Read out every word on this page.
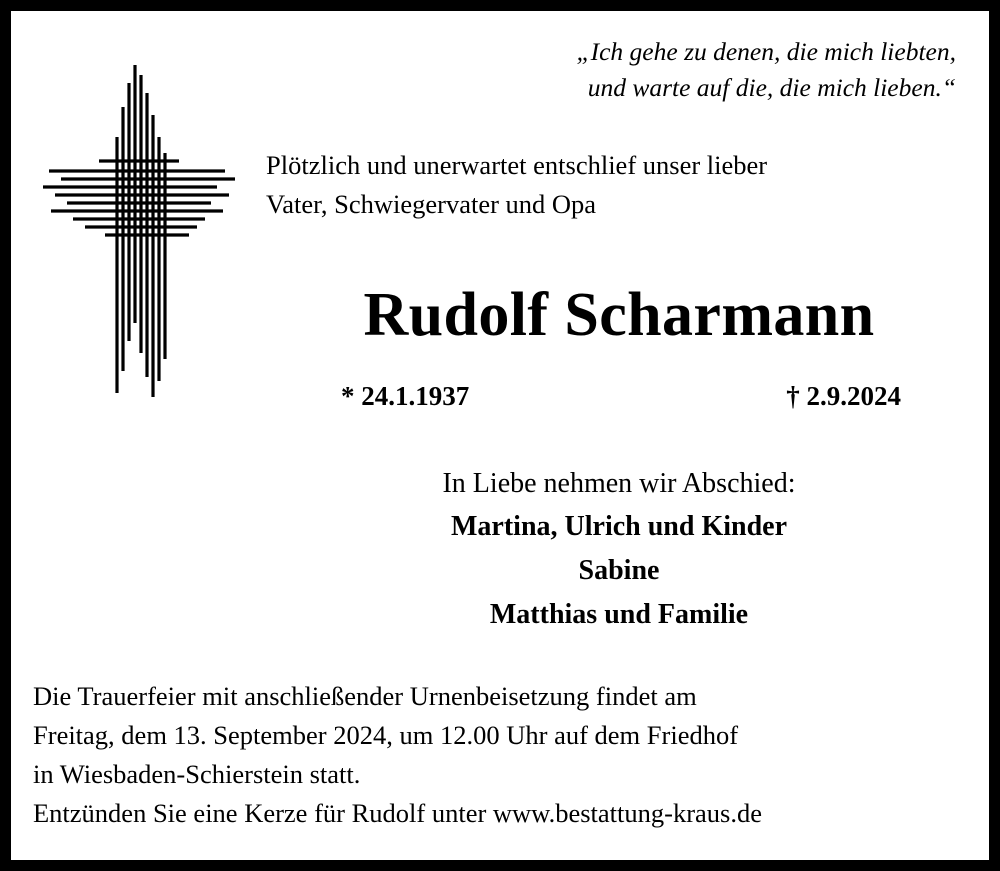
„Ich gehe zu denen, die mich liebten,
und warte auf die, die mich lieben.“
Plötzlich und unerwartet entschlief unser lieber
Vater, Schwiegervater und Opa
Rudolf Scharmann
* 24.1.1937	† 2.9.2024
In Liebe nehmen wir Abschied:
Martina, Ulrich und Kinder
Sabine
Matthias und Familie
Die Trauerfeier mit anschließender Urnenbeisetzung findet am
Freitag, dem 13. September 2024, um 12.00 Uhr auf dem Friedhof
in Wiesbaden-Schierstein statt.
Entzünden Sie eine Kerze für Rudolf unter www.bestattung-kraus.de
